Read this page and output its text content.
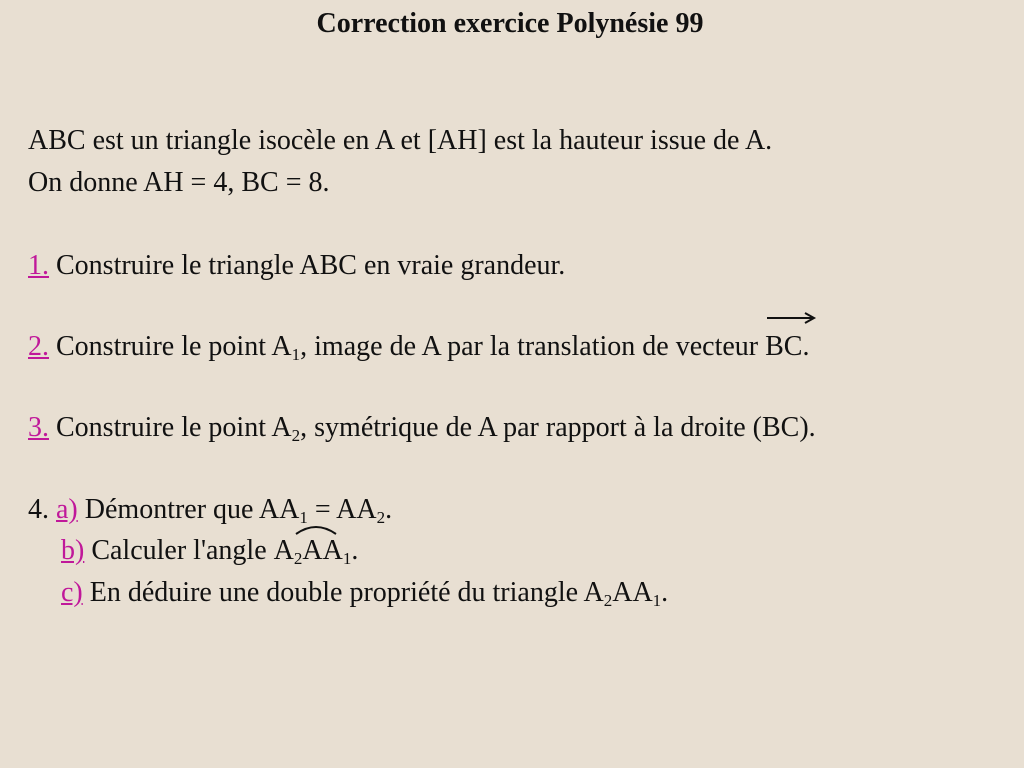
Correction exercice Polynésie 99
ABC est un triangle isocèle en A et [AH] est la hauteur issue de A.
On donne AH = 4, BC = 8.
1. Construire le triangle ABC en vraie grandeur.
2. Construire le point $A_1$, image de A par la translation de vecteur
BC.
3. Construire le point $A_2$, symétrique de A par rapport à la droite (BC).
4. a) Démontrer que $AA_1 = AA_2$.
b) Calculer l'angle
$A_2AA_1$.
c) En déduire une double propriété du triangle $A_2AA_1$.
